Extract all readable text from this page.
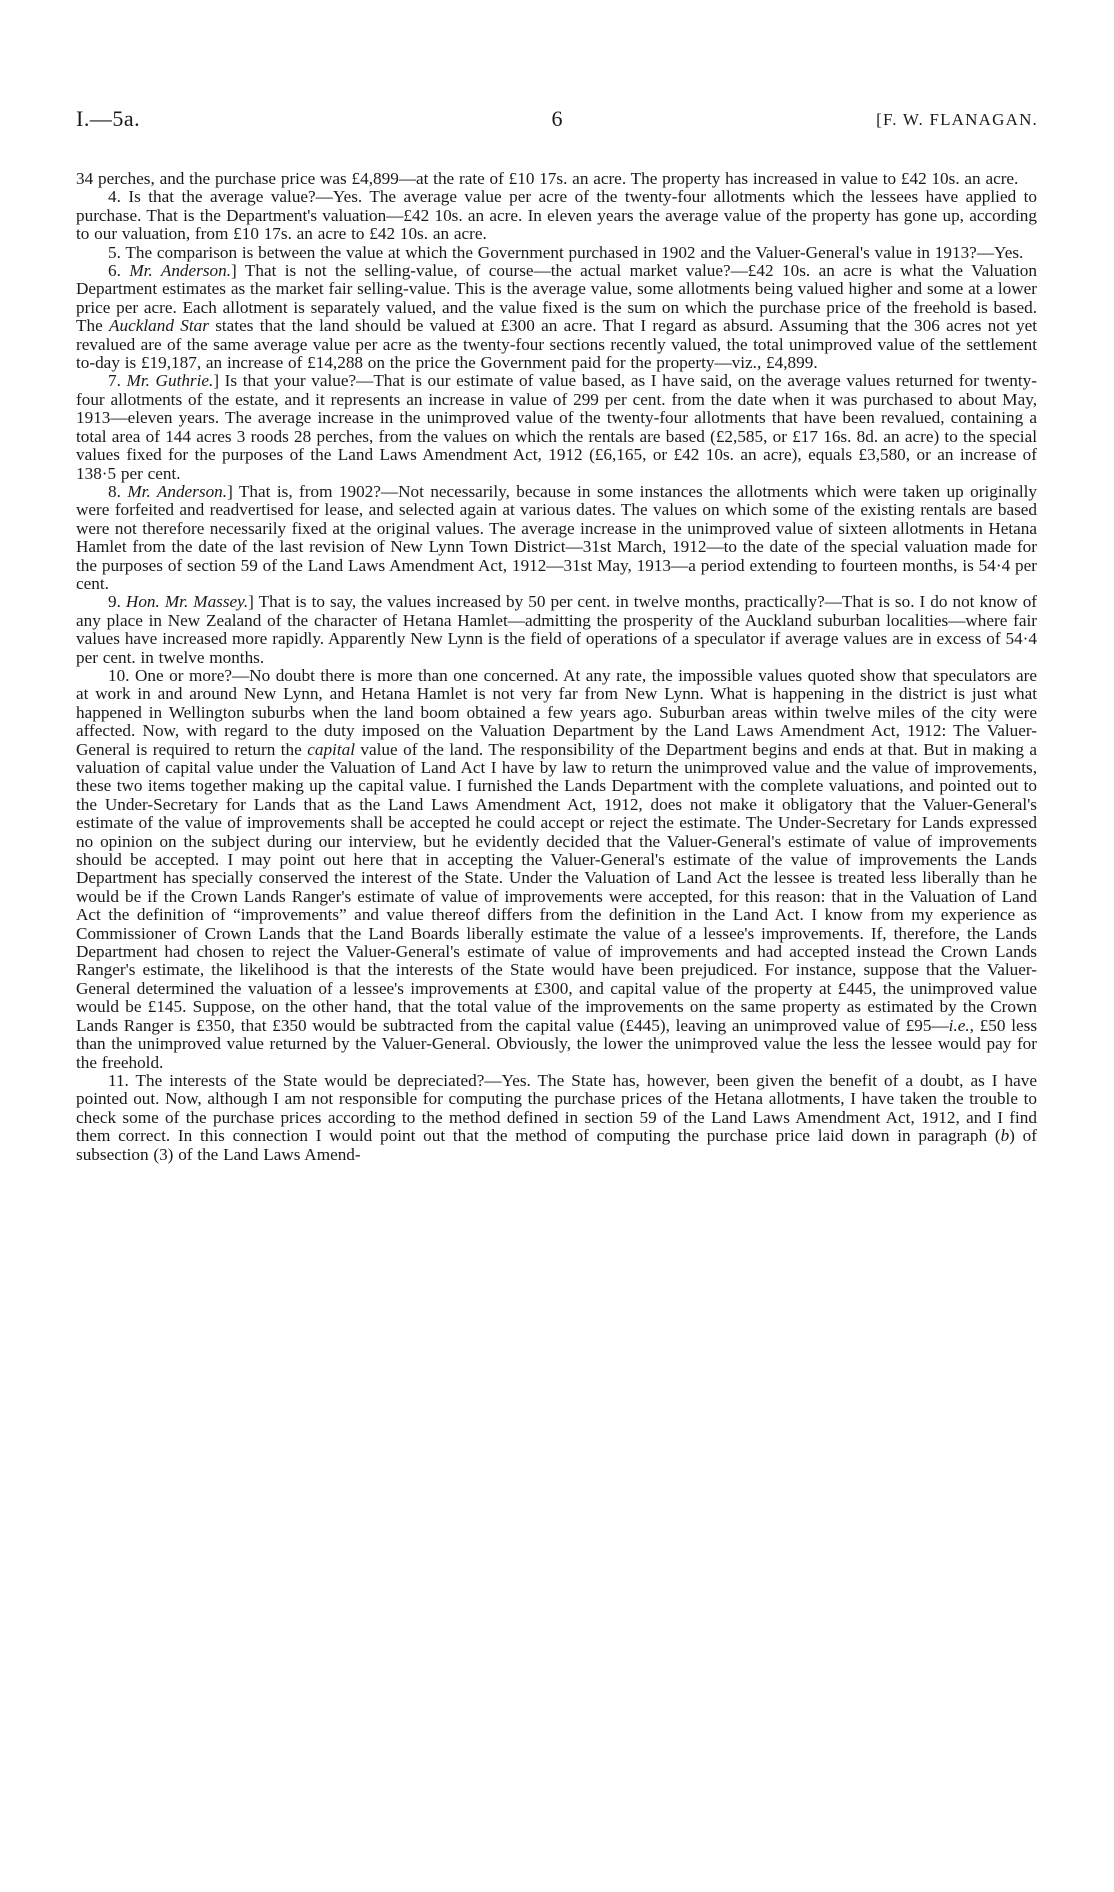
I.—5a.	6	[F. W. FLANAGAN.

34 perches, and the purchase price was £4,899—at the rate of £10 17s. an acre. The property has increased in value to £42 10s. an acre.

4. Is that the average value?—Yes. The average value per acre of the twenty-four allotments which the lessees have applied to purchase. That is the Department's valuation—£42 10s. an acre. In eleven years the average value of the property has gone up, according to our valuation, from £10 17s. an acre to £42 10s. an acre.

5. The comparison is between the value at which the Government purchased in 1902 and the Valuer-General's value in 1913?—Yes.

6. Mr. Anderson.] That is not the selling-value, of course—the actual market value?—£42 10s. an acre is what the Valuation Department estimates as the market fair selling-value. This is the average value, some allotments being valued higher and some at a lower price per acre. Each allotment is separately valued, and the value fixed is the sum on which the purchase price of the freehold is based. The Auckland Star states that the land should be valued at £300 an acre. That I regard as absurd. Assuming that the 306 acres not yet revalued are of the same average value per acre as the twenty-four sections recently valued, the total unimproved value of the settlement to-day is £19,187, an increase of £14,288 on the price the Government paid for the property—viz., £4,899.

7. Mr. Guthrie.] Is that your value?—That is our estimate of value based, as I have said, on the average values returned for twenty-four allotments of the estate, and it represents an increase in value of 299 per cent. from the date when it was purchased to about May, 1913—eleven years. The average increase in the unimproved value of the twenty-four allotments that have been revalued, containing a total area of 144 acres 3 roods 28 perches, from the values on which the rentals are based (£2,585, or £17 16s. 8d. an acre) to the special values fixed for the purposes of the Land Laws Amendment Act, 1912 (£6,165, or £42 10s. an acre), equals £3,580, or an increase of 138·5 per cent.

8. Mr. Anderson.] That is, from 1902?—Not necessarily, because in some instances the allotments which were taken up originally were forfeited and readvertised for lease, and selected again at various dates. The values on which some of the existing rentals are based were not therefore necessarily fixed at the original values. The average increase in the unimproved value of sixteen allotments in Hetana Hamlet from the date of the last revision of New Lynn Town District—31st March, 1912—to the date of the special valuation made for the purposes of section 59 of the Land Laws Amendment Act, 1912—31st May, 1913—a period extending to fourteen months, is 54·4 per cent.

9. Hon. Mr. Massey.] That is to say, the values increased by 50 per cent. in twelve months, practically?—That is so. I do not know of any place in New Zealand of the character of Hetana Hamlet—admitting the prosperity of the Auckland suburban localities—where fair values have increased more rapidly. Apparently New Lynn is the field of operations of a speculator if average values are in excess of 54·4 per cent. in twelve months.

10. One or more?—No doubt there is more than one concerned. At any rate, the impossible values quoted show that speculators are at work in and around New Lynn, and Hetana Hamlet is not very far from New Lynn. What is happening in the district is just what happened in Wellington suburbs when the land boom obtained a few years ago. Suburban areas within twelve miles of the city were affected. Now, with regard to the duty imposed on the Valuation Department by the Land Laws Amendment Act, 1912: The Valuer-General is required to return the capital value of the land. The responsibility of the Department begins and ends at that. But in making a valuation of capital value under the Valuation of Land Act I have by law to return the unimproved value and the value of improvements, these two items together making up the capital value. I furnished the Lands Department with the complete valuations, and pointed out to the Under-Secretary for Lands that as the Land Laws Amendment Act, 1912, does not make it obligatory that the Valuer-General's estimate of the value of improvements shall be accepted he could accept or reject the estimate. The Under-Secretary for Lands expressed no opinion on the subject during our interview, but he evidently decided that the Valuer-General's estimate of value of improvements should be accepted. I may point out here that in accepting the Valuer-General's estimate of the value of improvements the Lands Department has specially conserved the interest of the State. Under the Valuation of Land Act the lessee is treated less liberally than he would be if the Crown Lands Ranger's estimate of value of improvements were accepted, for this reason: that in the Valuation of Land Act the definition of “improvements” and value thereof differs from the definition in the Land Act. I know from my experience as Commissioner of Crown Lands that the Land Boards liberally estimate the value of a lessee's improvements. If, therefore, the Lands Department had chosen to reject the Valuer-General's estimate of value of improvements and had accepted instead the Crown Lands Ranger's estimate, the likelihood is that the interests of the State would have been prejudiced. For instance, suppose that the Valuer-General determined the valuation of a lessee's improvements at £300, and capital value of the property at £445, the unimproved value would be £145. Suppose, on the other hand, that the total value of the improvements on the same property as estimated by the Crown Lands Ranger is £350, that £350 would be subtracted from the capital value (£445), leaving an unimproved value of £95—i.e., £50 less than the unimproved value returned by the Valuer-General. Obviously, the lower the unimproved value the less the lessee would pay for the freehold.

11. The interests of the State would be depreciated?—Yes. The State has, however, been given the benefit of a doubt, as I have pointed out. Now, although I am not responsible for computing the purchase prices of the Hetana allotments, I have taken the trouble to check some of the purchase prices according to the method defined in section 59 of the Land Laws Amendment Act, 1912, and I find them correct. In this connection I would point out that the method of computing the purchase price laid down in paragraph (b) of subsection (3) of the Land Laws Amend-
